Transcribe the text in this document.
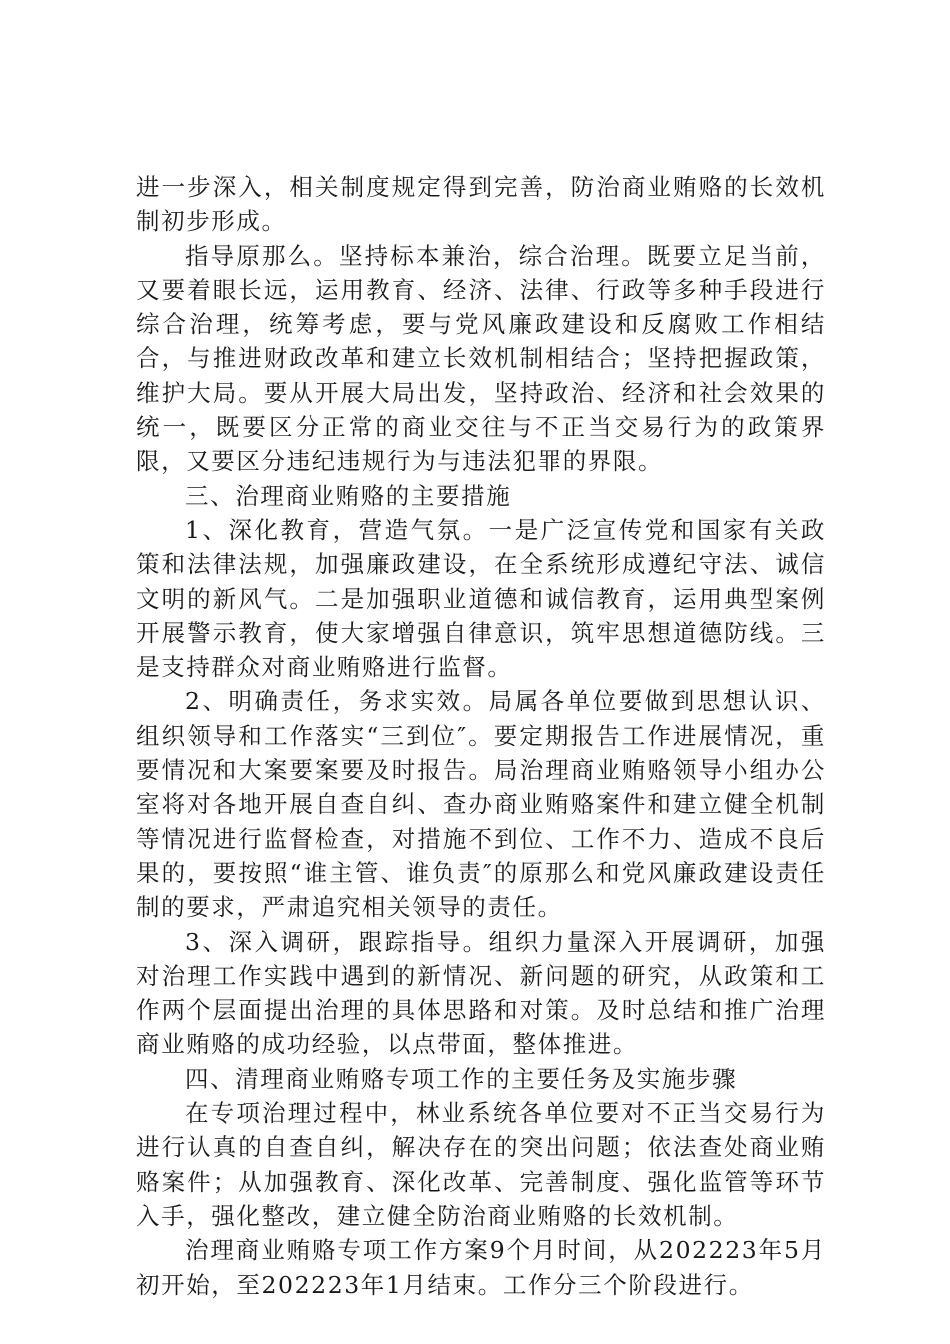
进一步深入，相关制度规定得到完善，防治商业贿赂的长效机制初步形成。

指导原那么。坚持标本兼治，综合治理。既要立足当前，又要着眼长远，运用教育、经济、法律、行政等多种手段进行综合治理，统筹考虑，要与党风廉政建设和反腐败工作相结合，与推进财政改革和建立长效机制相结合；坚持把握政策，维护大局。要从开展大局出发，坚持政治、经济和社会效果的统一，既要区分正常的商业交往与不正当交易行为的政策界限，又要区分违纪违规行为与违法犯罪的界限。

三、治理商业贿赂的主要措施

1、深化教育，营造气氛。一是广泛宣传党和国家有关政策和法律法规，加强廉政建设，在全系统形成遵纪守法、诚信文明的新风气。二是加强职业道德和诚信教育，运用典型案例开展警示教育，使大家增强自律意识，筑牢思想道德防线。三是支持群众对商业贿赂进行监督。

2、明确责任，务求实效。局属各单位要做到思想认识、组织领导和工作落实“三到位″。要定期报告工作进展情况，重要情况和大案要案要及时报告。局治理商业贿赂领导小组办公室将对各地开展自查自纠、查办商业贿赂案件和建立健全机制等情况进行监督检查，对措施不到位、工作不力、造成不良后果的，要按照“谁主管、谁负责″的原那么和党风廉政建设责任制的要求，严肃追究相关领导的责任。

3、深入调研，跟踪指导。组织力量深入开展调研，加强对治理工作实践中遇到的新情况、新问题的研究，从政策和工作两个层面提出治理的具体思路和对策。及时总结和推广治理商业贿赂的成功经验，以点带面，整体推进。

四、清理商业贿赂专项工作的主要任务及实施步骤

在专项治理过程中，林业系统各单位要对不正当交易行为进行认真的自查自纠，解决存在的突出问题；依法查处商业贿赂案件；从加强教育、深化改革、完善制度、强化监管等环节入手，强化整改，建立健全防治商业贿赂的长效机制。

治理商业贿赂专项工作方案9个月时间，从202223年5月初开始，至202223年1月结束。工作分三个阶段进行。
